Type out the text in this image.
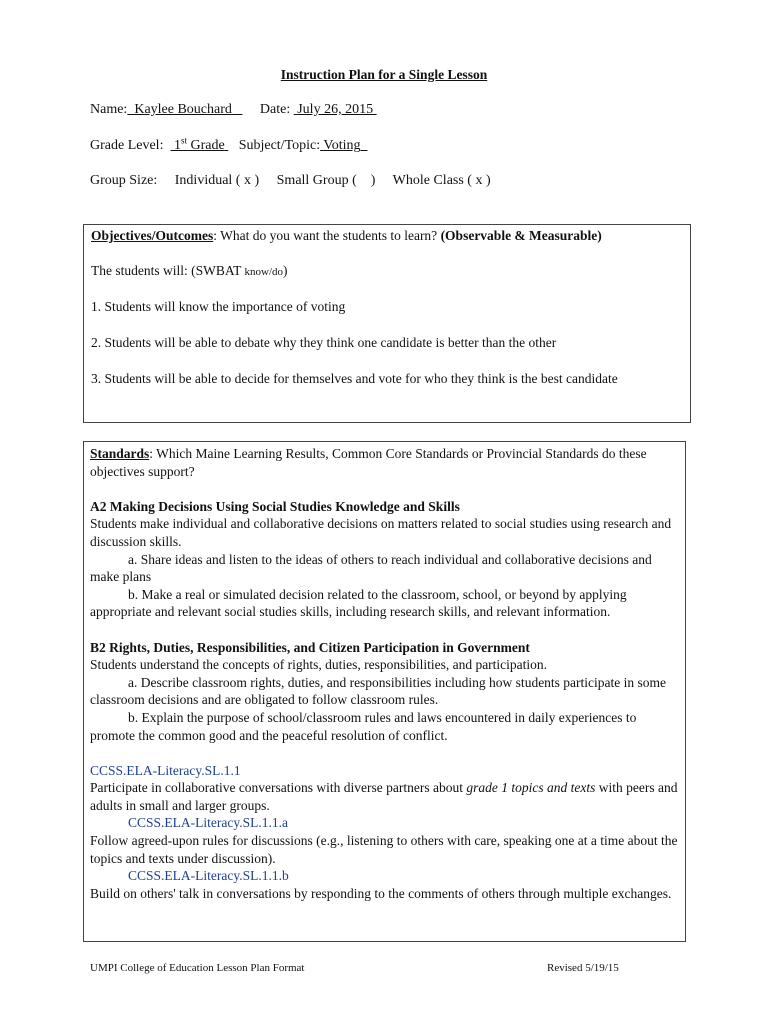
Instruction Plan for a Single Lesson
Name: Kaylee Bouchard Date: July 26, 2015
Grade Level: 1st Grade Subject/Topic: Voting
Group Size: Individual ( x ) Small Group (    ) Whole Class ( x )
Objectives/Outcomes: What do you want the students to learn? (Observable & Measurable)
The students will: (SWBAT know/do)
1. Students will know the importance of voting
2. Students will be able to debate why they think one candidate is better than the other
3. Students will be able to decide for themselves and vote for who they think is the best candidate

Standards: Which Maine Learning Results, Common Core Standards or Provincial Standards do these objectives support?

A2 Making Decisions Using Social Studies Knowledge and Skills

Students make individual and collaborative decisions on matters related to social studies using research and discussion skills.

a. Share ideas and listen to the ideas of others to reach individual and collaborative decisions and make plans

b. Make a real or simulated decision related to the classroom, school, or beyond by applying appropriate and relevant social studies skills, including research skills, and relevant information.

B2 Rights, Duties, Responsibilities, and Citizen Participation in Government

Students understand the concepts of rights, duties, responsibilities, and participation.

a. Describe classroom rights, duties, and responsibilities including how students participate in some classroom decisions and are obligated to follow classroom rules.

b. Explain the purpose of school/classroom rules and laws encountered in daily experiences to promote the common good and the peaceful resolution of conflict.

CCSS.ELA-Literacy.SL.1.1

Participate in collaborative conversations with diverse partners about grade 1 topics and texts with peers and adults in small and larger groups.

CCSS.ELA-Literacy.SL.1.1.a

Follow agreed-upon rules for discussions (e.g., listening to others with care, speaking one at a time about the topics and texts under discussion).

CCSS.ELA-Literacy.SL.1.1.b

Build on others' talk in conversations by responding to the comments of others through multiple exchanges.

UMPI College of Education Lesson Plan Format	Revised 5/19/15
